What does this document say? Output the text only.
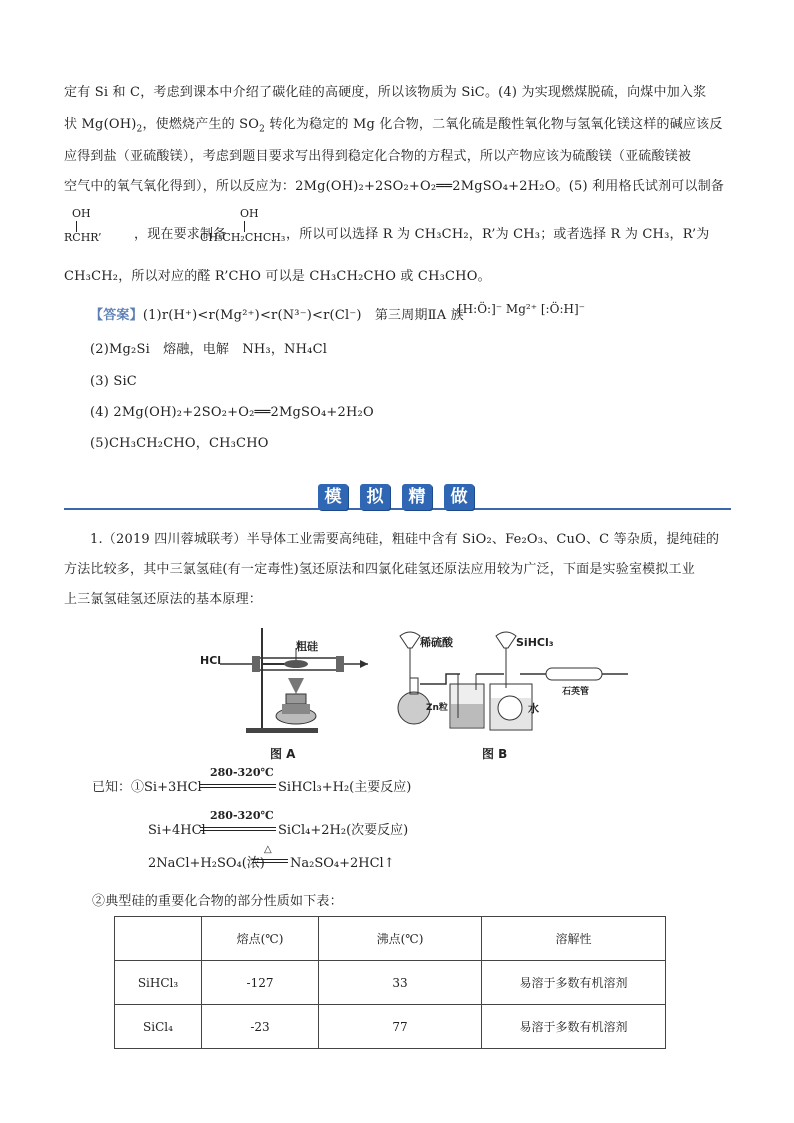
定有 Si 和 C，考虑到课本中介绍了碳化硅的高硬度，所以该物质为 SiC。(4) 为实现燃煤脱硫，向煤中加入浆
状 $Mg(OH)_2$，使燃烧产生的 $SO_2$ 转化为稳定的 Mg 化合物，二氧化硫是酸性氧化物与氢氧化镁这样的碱应该反
应得到盐（亚硫酸镁），考虑到题目要求写出得到稳定化合物的方程式，所以产物应该为硫酸镁（亚硫酸镁被
空气中的氧气氧化得到），所以反应为：2Mg(OH)₂+2SO₂+O₂══2MgSO₄+2H₂O。(5) 利用格氏试剂可以制备
OH
RCHR’	，现在要求制备
OH
CH₃CH₂CHCH₃ ，所以可以选择 R 为 CH₃CH₂，R’为 CH₃；或者选择 R 为 CH₃，R’为
CH₃CH₂，所以对应的醛 R’CHO 可以是 CH₃CH₂CHO 或 CH₃CHO。
【答案】(1)r(H⁺)<r(Mg²⁺)<r(N³⁻)<r(Cl⁻)　第三周期ⅡA 族
[H:Ö:]⁻ Mg²⁺ [:Ö:H]⁻
(2)Mg₂Si　熔融，电解　NH₃，NH₄Cl
(3) SiC
(4) 2Mg(OH)₂+2SO₂+O₂══2MgSO₄+2H₂O
(5)CH₃CH₂CHO，CH₃CHO
模	拟	精	做
1.（2019 四川蓉城联考）半导体工业需要高纯硅，粗硅中含有 SiO₂、Fe₂O₃、CuO、C 等杂质，提纯硅的
方法比较多，其中三氯氢硅(有一定毒性)氢还原法和四氯化硅氢还原法应用较为广泛，下面是实验室模拟工业
上三氯氢硅氢还原法的基本原理：
HCl
粗硅
图 A
稀硫酸	SiHCl₃
Zn粒	水
石英管
图 B
已知：①Si+3HCl
280-320℃
SiHCl₃+H₂(主要反应)
Si+4HCl
280-320℃
SiCl₄+2H₂(次要反应)
2NaCl+H₂SO₄(浓)
△
Na₂SO₄+2HCl↑
②典型硅的重要化合物的部分性质如下表：
	熔点(℃)	沸点(℃)	溶解性
SiHCl₃	-127	33	易溶于多数有机溶剂
SiCl₄	-23	77	易溶于多数有机溶剂
